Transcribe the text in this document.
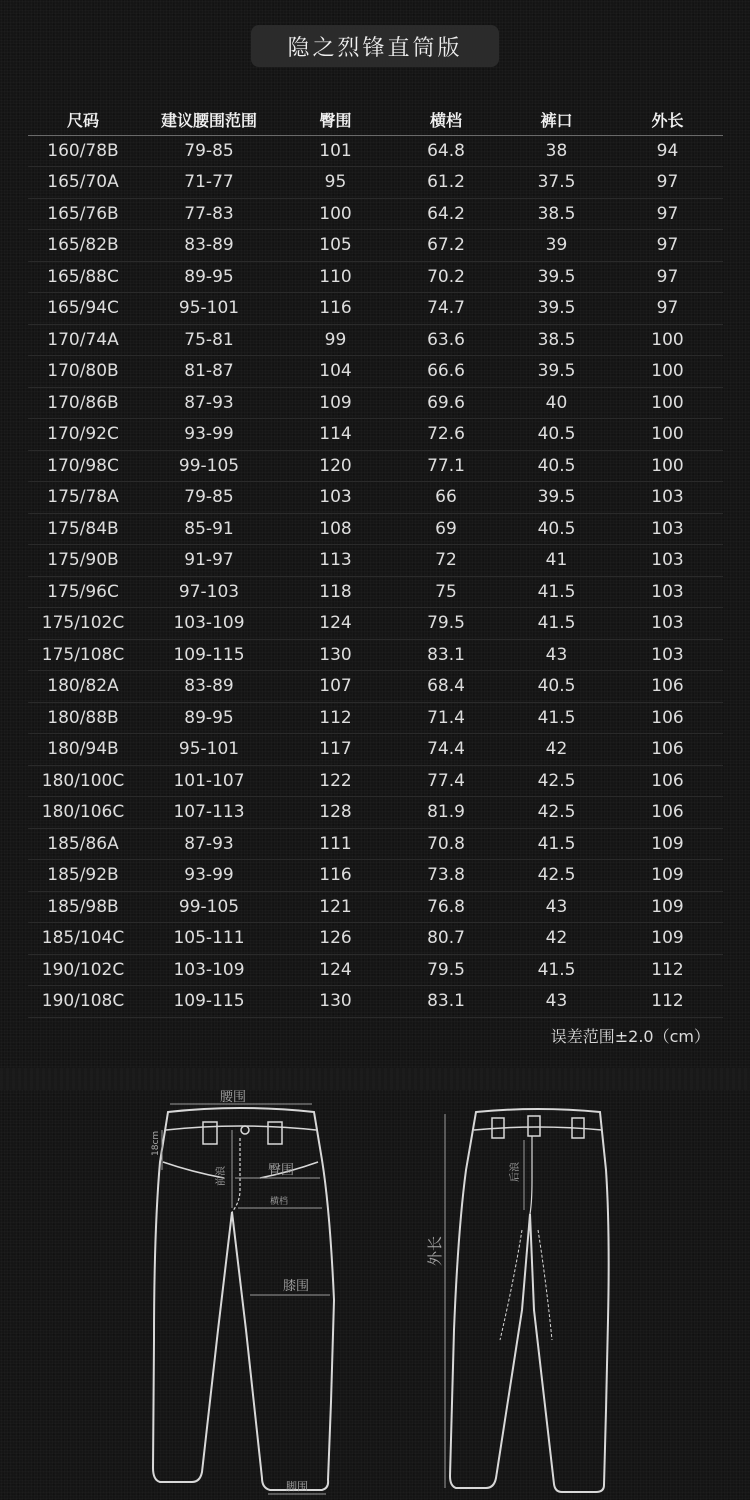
隐之烈锋直筒版
尺码	建议腰围范围	臀围	横档	裤口	外长
160/78B	79-85	101	64.8	38	94
165/70A	71-77	95	61.2	37.5	97
165/76B	77-83	100	64.2	38.5	97
165/82B	83-89	105	67.2	39	97
165/88C	89-95	110	70.2	39.5	97
165/94C	95-101	116	74.7	39.5	97
170/74A	75-81	99	63.6	38.5	100
170/80B	81-87	104	66.6	39.5	100
170/86B	87-93	109	69.6	40	100
170/92C	93-99	114	72.6	40.5	100
170/98C	99-105	120	77.1	40.5	100
175/78A	79-85	103	66	39.5	103
175/84B	85-91	108	69	40.5	103
175/90B	91-97	113	72	41	103
175/96C	97-103	118	75	41.5	103
175/102C	103-109	124	79.5	41.5	103
175/108C	109-115	130	83.1	43	103
180/82A	83-89	107	68.4	40.5	106
180/88B	89-95	112	71.4	41.5	106
180/94B	95-101	117	74.4	42	106
180/100C	101-107	122	77.4	42.5	106
180/106C	107-113	128	81.9	42.5	106
185/86A	87-93	111	70.8	41.5	109
185/92B	93-99	116	73.8	42.5	109
185/98B	99-105	121	76.8	43	109
185/104C	105-111	126	80.7	42	109
190/102C	103-109	124	79.5	41.5	112
190/108C	109-115	130	83.1	43	112
误差范围±2.0（cm）
腰围
臀围
横档
膝围
脚围
前浪
18cm
外长
后浪
